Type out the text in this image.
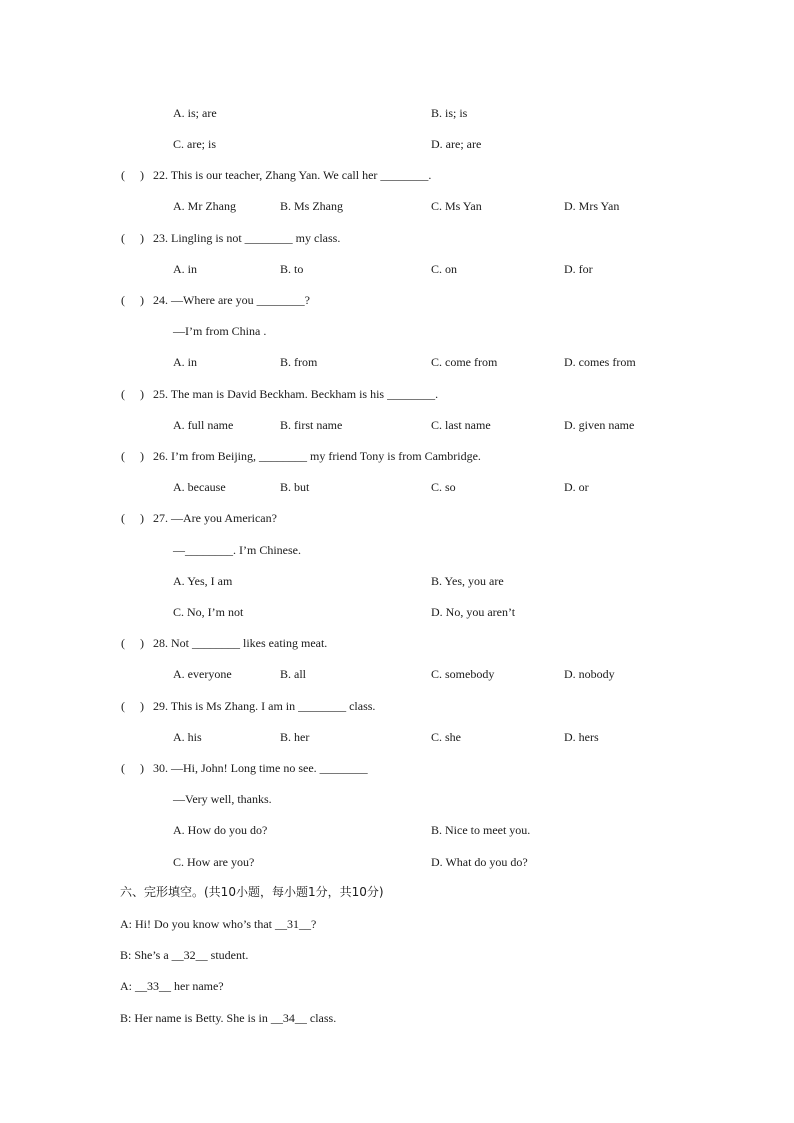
A. is; are	B. is; is
C. are; is	D. are; are
(     ) 22. This is our teacher, Zhang Yan. We call her ________.
A. Mr Zhang	B. Ms Zhang	C. Ms Yan	D. Mrs Yan
(     ) 23. Lingling is not ________ my class.
A. in	B. to	C. on	D. for
(     ) 24. —Where are you ________?
—I’m from China .
A. in	B. from	C. come from	D. comes from
(     ) 25. The man is David Beckham. Beckham is his ________.
A. full name	B. first name	C. last name	D. given name
(     ) 26. I’m from Beijing, ________ my friend Tony is from Cambridge.
A. because	B. but	C. so	D. or
(     ) 27. —Are you American?
—________. I’m Chinese.
A. Yes, I am	B. Yes, you are
C. No, I’m not	D. No, you aren’t
(     ) 28. Not ________ likes eating meat.
A. everyone	B. all	C. somebody	D. nobody
(     ) 29. This is Ms Zhang. I am in ________ class.
A. his	B. her	C. she	D. hers
(     ) 30. —Hi, John! Long time no see. ________
—Very well, thanks.
A. How do you do?	B. Nice to meet you.
C. How are you?	D. What do you do?
六、完形填空。(共10小题，每小题1分，共10分)
A: Hi! Do you know who’s that __31__?
B: She’s a __32__ student.
A: __33__ her name?
B: Her name is Betty. She is in __34__ class.
